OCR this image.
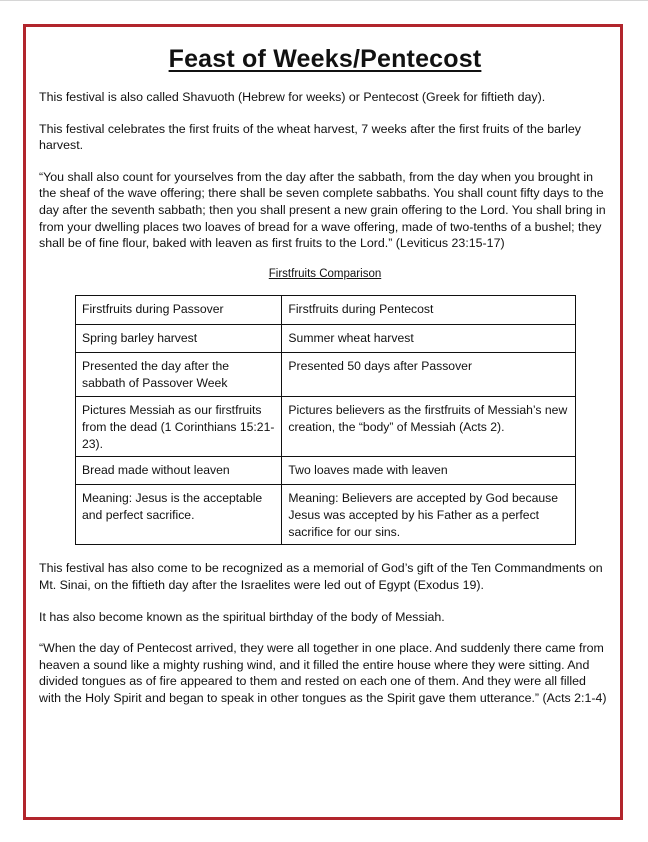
Feast of Weeks/Pentecost

This festival is also called Shavuoth (Hebrew for weeks) or Pentecost (Greek for fiftieth day).

This festival celebrates the first fruits of the wheat harvest, 7 weeks after the first fruits of the barley harvest.

“You shall also count for yourselves from the day after the sabbath, from the day when you brought in the sheaf of the wave offering; there shall be seven complete sabbaths. You shall count fifty days to the day after the seventh sabbath; then you shall present a new grain offering to the Lord. You shall bring in from your dwelling places two loaves of bread for a wave offering, made of two-tenths of a bushel; they shall be of fine flour, baked with leaven as first fruits to the Lord.” (Leviticus 23:15-17)

Firstfruits Comparison

Firstfruits during Passover	Firstfruits during Pentecost
Spring barley harvest	Summer wheat harvest
Presented the day after the sabbath of Passover Week	Presented 50 days after Passover
Pictures Messiah as our firstfruits from the dead (1 Corinthians 15:21-23).	Pictures believers as the firstfruits of Messiah’s new creation, the “body” of Messiah (Acts 2).
Bread made without leaven	Two loaves made with leaven
Meaning: Jesus is the acceptable and perfect sacrifice.	Meaning: Believers are accepted by God because Jesus was accepted by his Father as a perfect sacrifice for our sins.

This festival has also come to be recognized as a memorial of God’s gift of the Ten Commandments on Mt. Sinai, on the fiftieth day after the Israelites were led out of Egypt (Exodus 19).

It has also become known as the spiritual birthday of the body of Messiah.

“When the day of Pentecost arrived, they were all together in one place. And suddenly there came from heaven a sound like a mighty rushing wind, and it filled the entire house where they were sitting. And divided tongues as of fire appeared to them and rested on each one of them. And they were all filled with the Holy Spirit and began to speak in other tongues as the Spirit gave them utterance.” (Acts 2:1-4)
